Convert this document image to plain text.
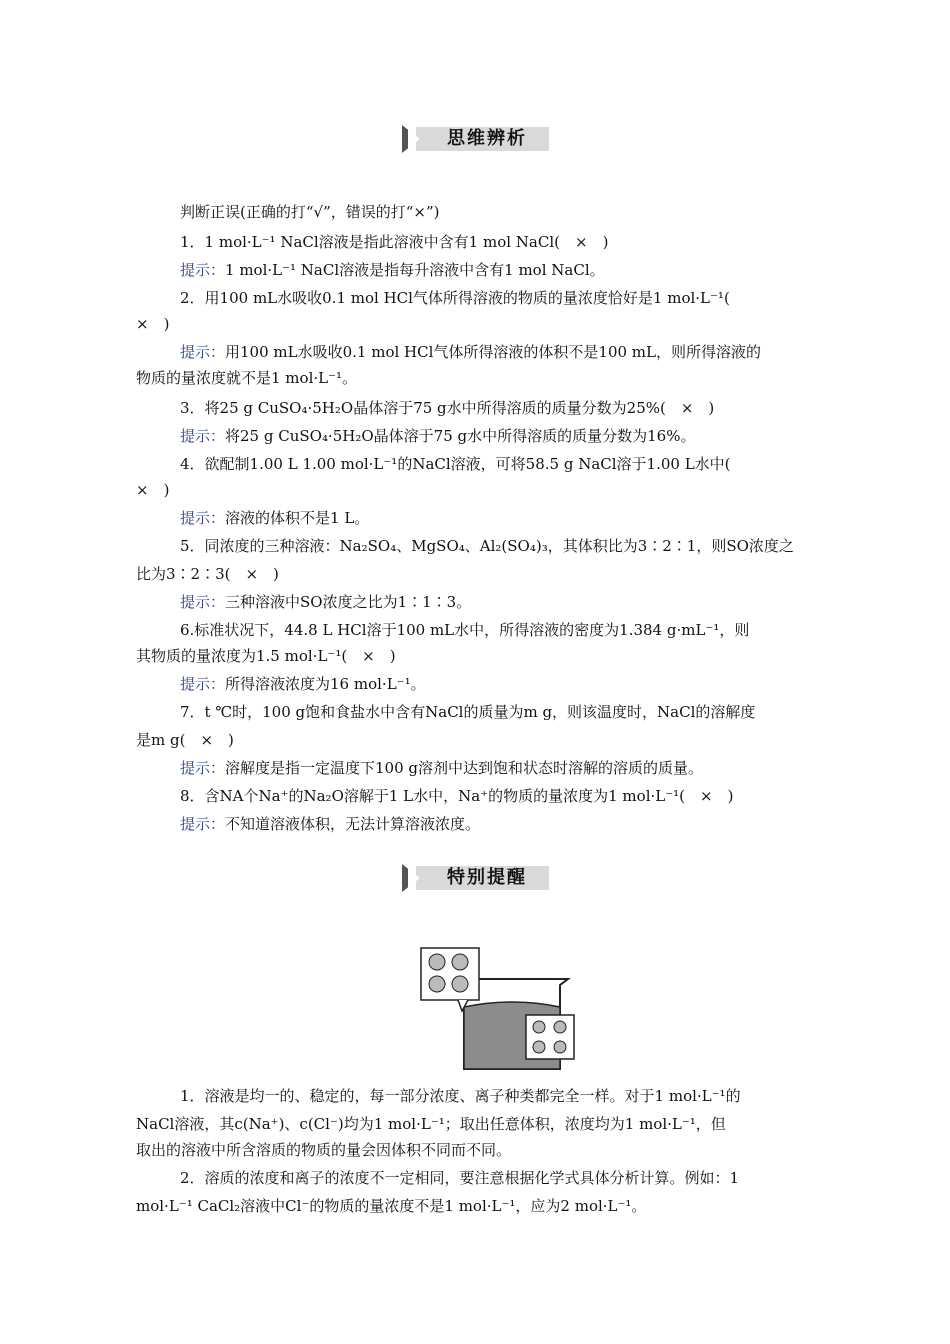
思维辨析
判断正误(正确的打“√”，错误的打“×”)
1．1 mol·L⁻¹ NaCl溶液是指此溶液中含有1 mol NaCl(　×　)
提示：1 mol·L⁻¹ NaCl溶液是指每升溶液中含有1 mol NaCl。
2．用100 mL水吸收0.1 mol HCl气体所得溶液的物质的量浓度恰好是1 mol·L⁻¹(
×　)
提示：用100 mL水吸收0.1 mol HCl气体所得溶液的体积不是100 mL，则所得溶液的
物质的量浓度就不是1 mol·L⁻¹。
3．将25 g CuSO₄·5H₂O晶体溶于75 g水中所得溶质的质量分数为25%(　×　)
提示：将25 g CuSO₄·5H₂O晶体溶于75 g水中所得溶质的质量分数为16%。
4．欲配制1.00 L 1.00 mol·L⁻¹的NaCl溶液，可将58.5 g NaCl溶于1.00 L水中(
×　)
提示：溶液的体积不是1 L。
5．同浓度的三种溶液：Na₂SO₄、MgSO₄、Al₂(SO₄)₃，其体积比为3∶2∶1，则SO浓度之
比为3∶2∶3(　×　)
提示：三种溶液中SO浓度之比为1∶1∶3。
6.标准状况下，44.8 L HCl溶于100 mL水中，所得溶液的密度为1.384 g·mL⁻¹，则
其物质的量浓度为1.5 mol·L⁻¹(　×　)
提示：所得溶液浓度为16 mol·L⁻¹。
7．t ℃时，100 g饱和食盐水中含有NaCl的质量为m g，则该温度时，NaCl的溶解度
是m g(　×　)
提示：溶解度是指一定温度下100 g溶剂中达到饱和状态时溶解的溶质的质量。
8．含NA个Na⁺的Na₂O溶解于1 L水中，Na⁺的物质的量浓度为1 mol·L⁻¹(　×　)
提示：不知道溶液体积，无法计算溶液浓度。
特别提醒
1．溶液是均一的、稳定的，每一部分浓度、离子种类都完全一样。对于1 mol·L⁻¹的
NaCl溶液，其c(Na⁺)、c(Cl⁻)均为1 mol·L⁻¹；取出任意体积，浓度均为1 mol·L⁻¹，但
取出的溶液中所含溶质的物质的量会因体积不同而不同。
2．溶质的浓度和离子的浓度不一定相同，要注意根据化学式具体分析计算。例如：1
mol·L⁻¹ CaCl₂溶液中Cl⁻的物质的量浓度不是1 mol·L⁻¹，应为2 mol·L⁻¹。
